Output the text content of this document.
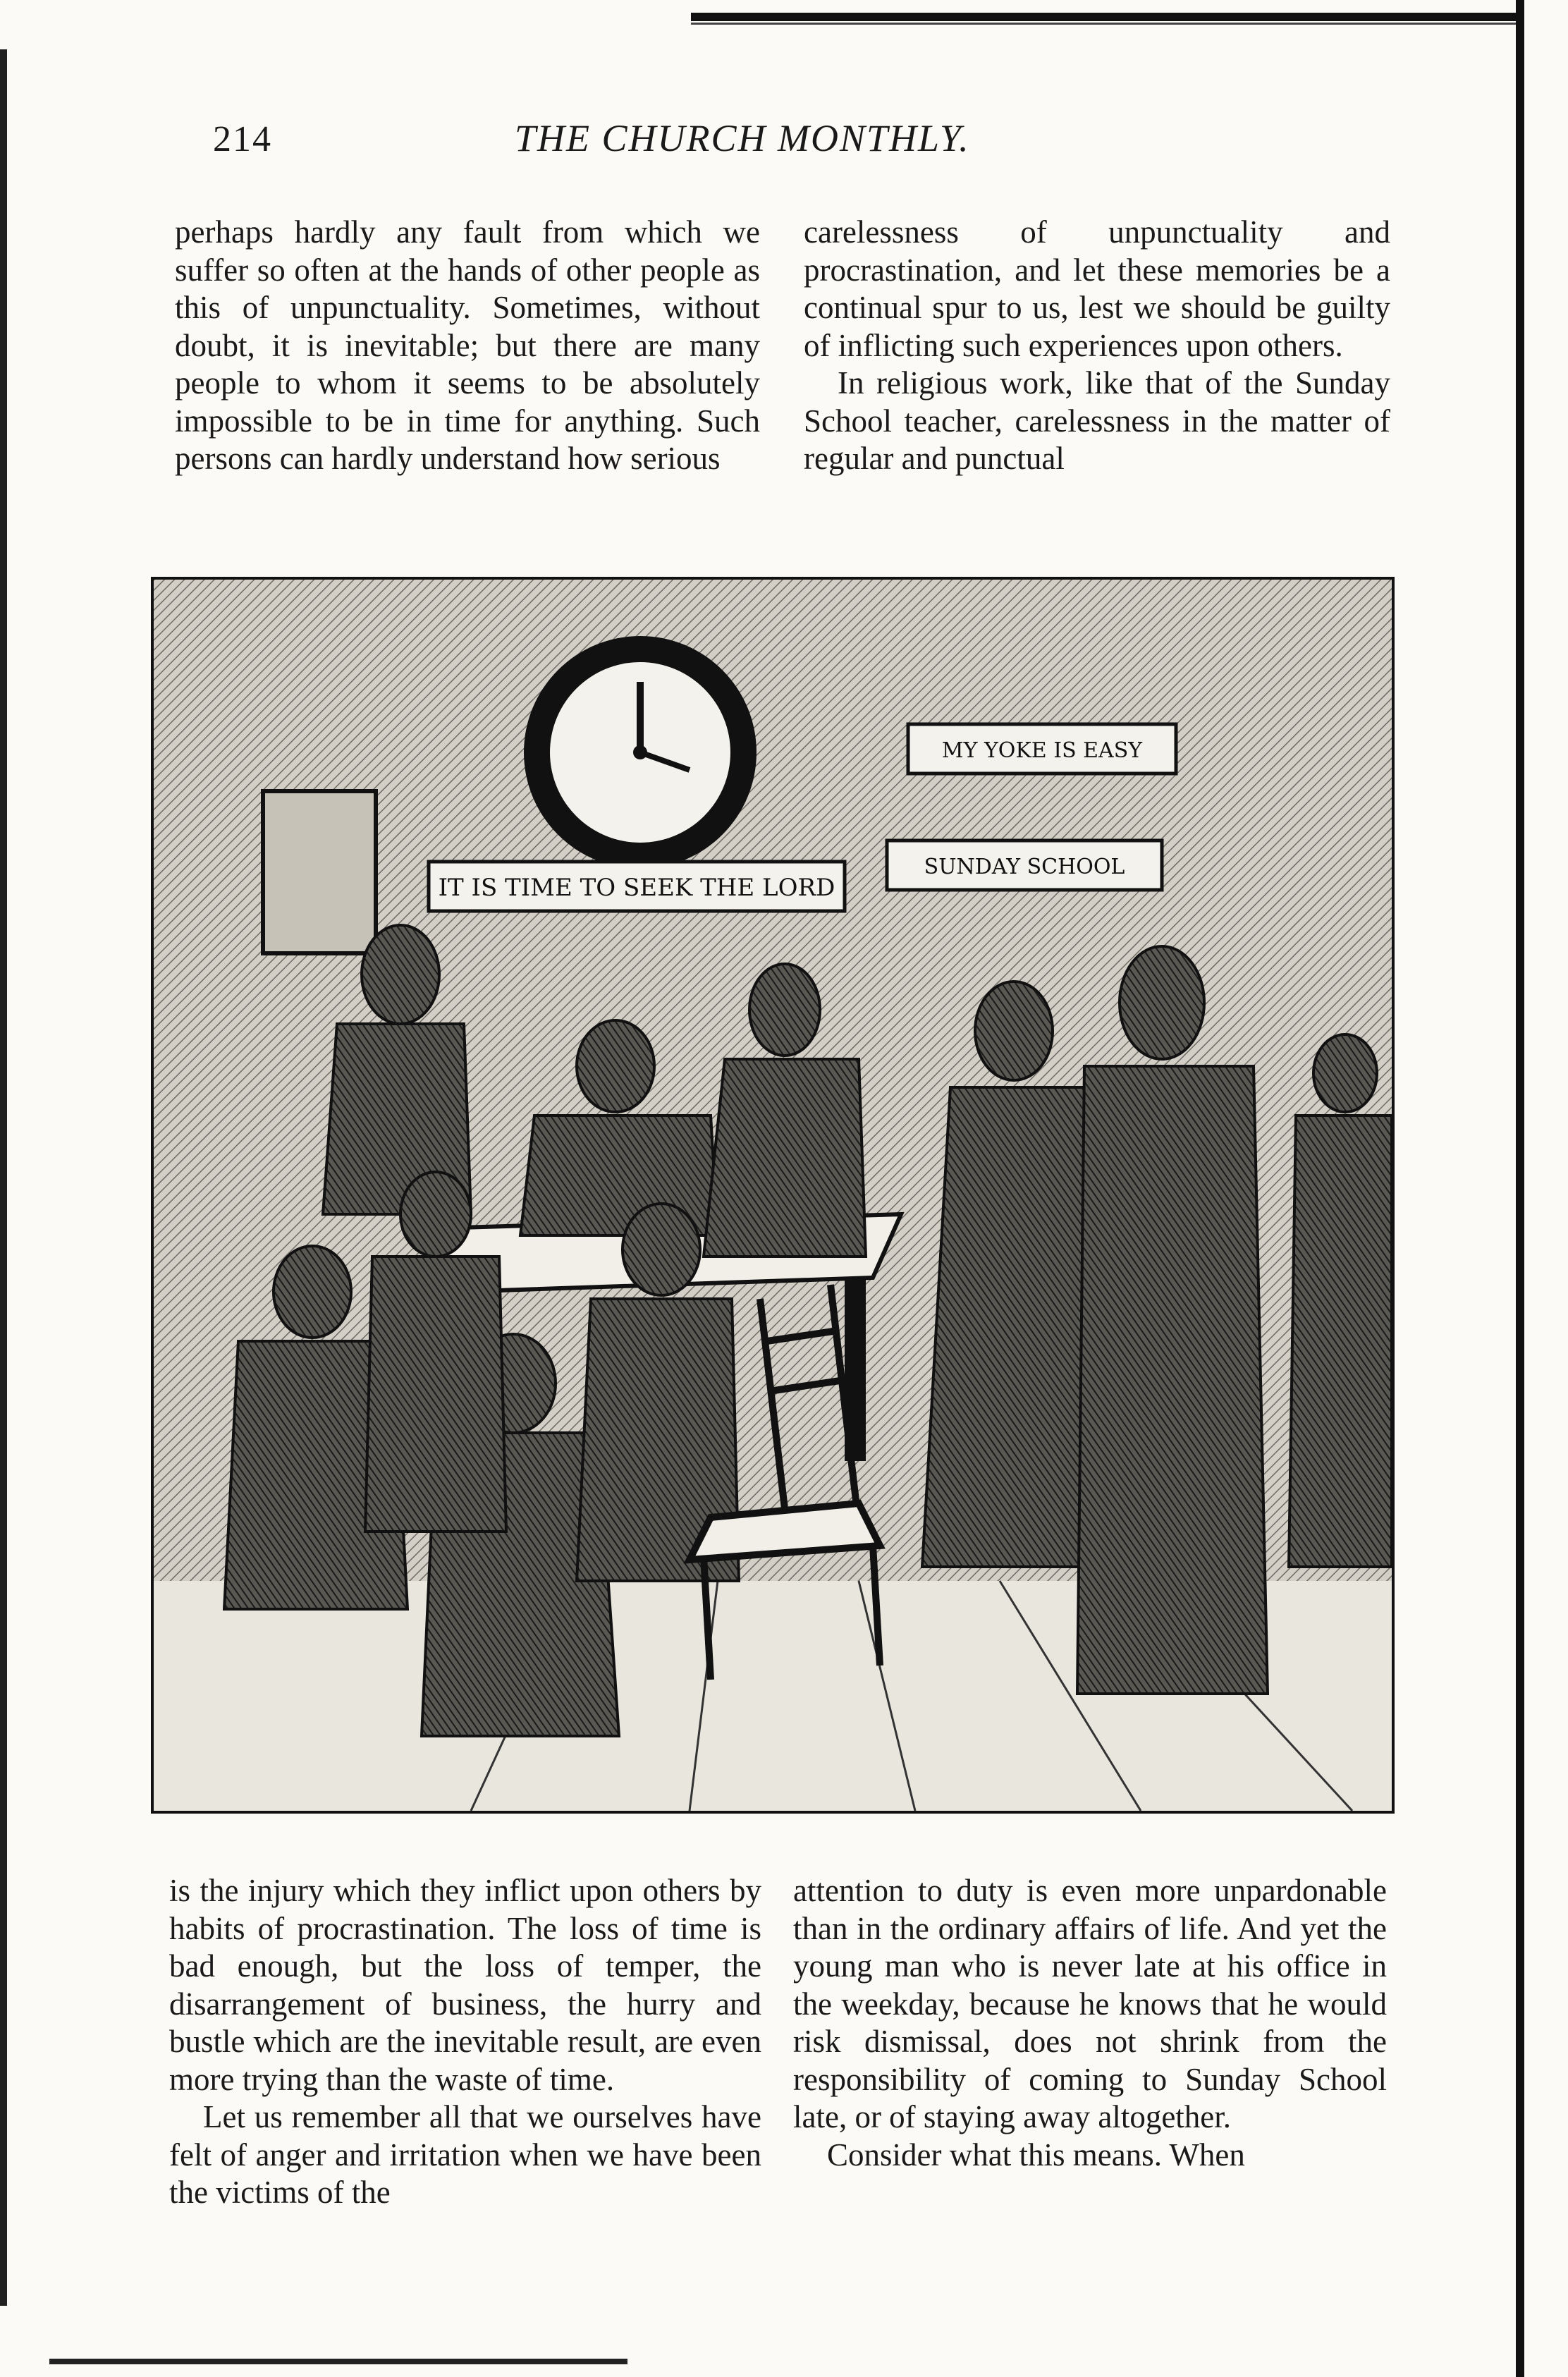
214	THE CHURCH MONTHLY.

perhaps hardly any fault from which we suffer so often at the hands of other people as this of unpunctuality. Sometimes, without doubt, it is inevitable; but there are many people to whom it seems to be absolutely impossible to be in time for anything. Such persons can hardly understand how serious

carelessness of unpunctuality and procrastination, and let these memories be a continual spur to us, lest we should be guilty of inflicting such experiences upon others.

In religious work, like that of the Sunday School teacher, carelessness in the matter of regular and punctual

IT IS TIME TO SEEK THE LORD
MY YOKE IS EASY
SUNDAY SCHOOL

is the injury which they inflict upon others by habits of procrastination. The loss of time is bad enough, but the loss of temper, the disarrangement of business, the hurry and bustle which are the inevitable result, are even more trying than the waste of time.

Let us remember all that we ourselves have felt of anger and irritation when we have been the victims of the

attention to duty is even more unpardonable than in the ordinary affairs of life. And yet the young man who is never late at his office in the weekday, because he knows that he would risk dismissal, does not shrink from the responsibility of coming to Sunday School late, or of staying away altogether.

Consider what this means. When
